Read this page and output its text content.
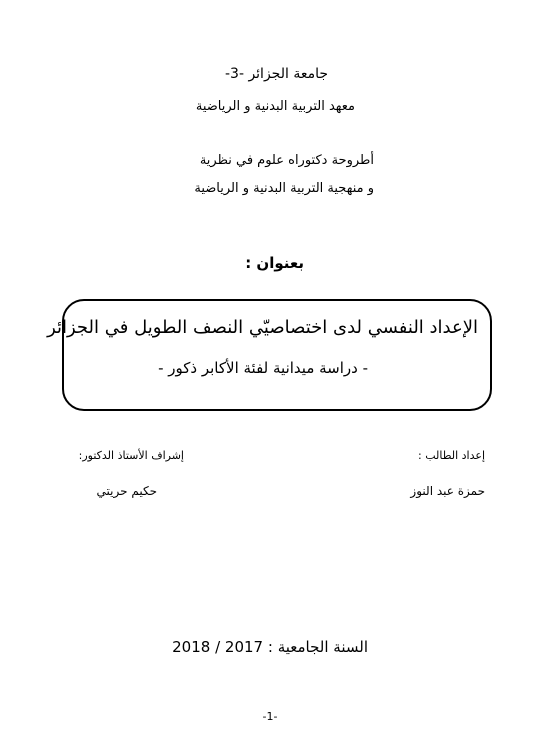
جامعة الجزائر -3-
معهد التربية البدنية و الرياضية
أطروحة دكتوراه علوم في نظرية
و منهجية التربية البدنية و الرياضية
بعنوان :
الإعداد النفسي لدى اختصاصيّي النصف الطويل في الجزائر
- دراسة ميدانية لفئة الأكابر ذكور -
إعداد الطالب :
إشراف الأستاذ الدكتور:
حمزة عبد النوز
حكيم حريتي
السنة الجامعية : 2017 / 2018
-1-
